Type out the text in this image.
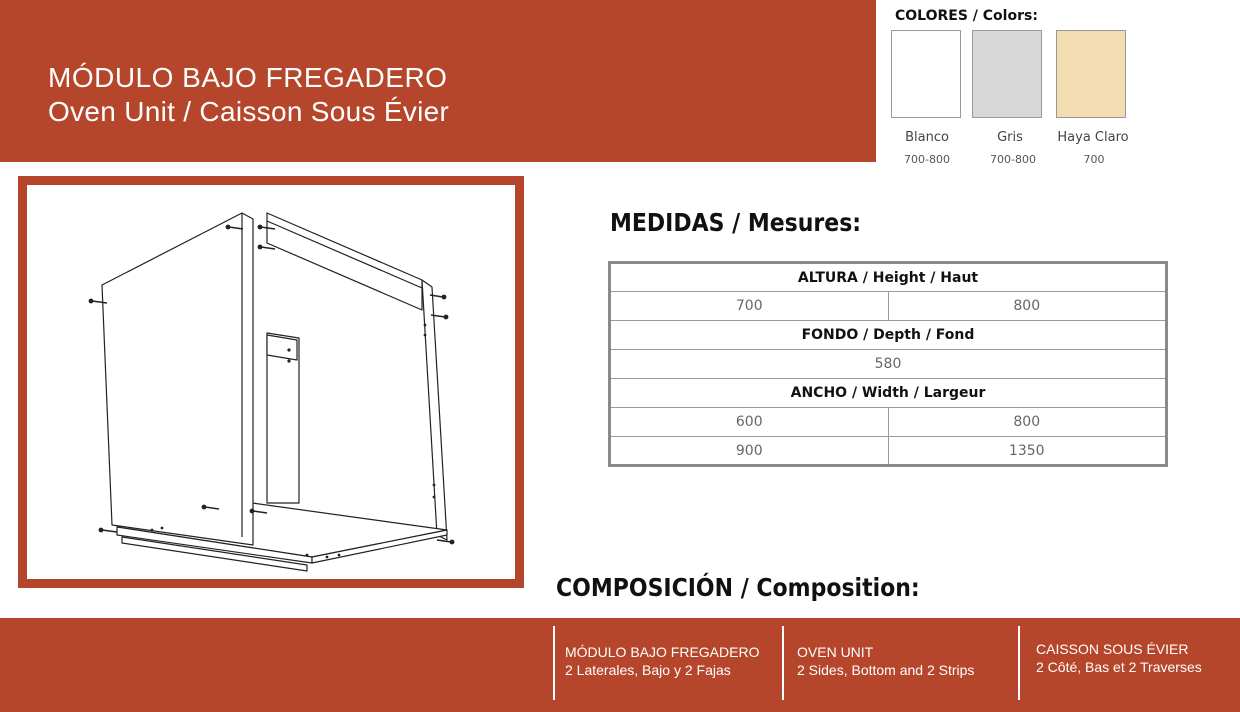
MÓDULO BAJO FREGADERO
Oven Unit / Caisson Sous Évier
COLORES / Colors:
Blanco	Gris	Haya Claro
700-800	700-800	700
MEDIDAS / Mesures:
ALTURA / Height / Haut	
700	800
FONDO / Depth / Fond	
580	
ANCHO / Width / Largeur	
600	800
900	1350
COMPOSICIÓN / Composition:
MÓDULO BAJO FREGADERO
2 Laterales, Bajo y 2 Fajas
OVEN UNIT
2 Sides, Bottom and 2 Strips
CAISSON SOUS ÉVIER
2 Côté, Bas et 2 Traverses
